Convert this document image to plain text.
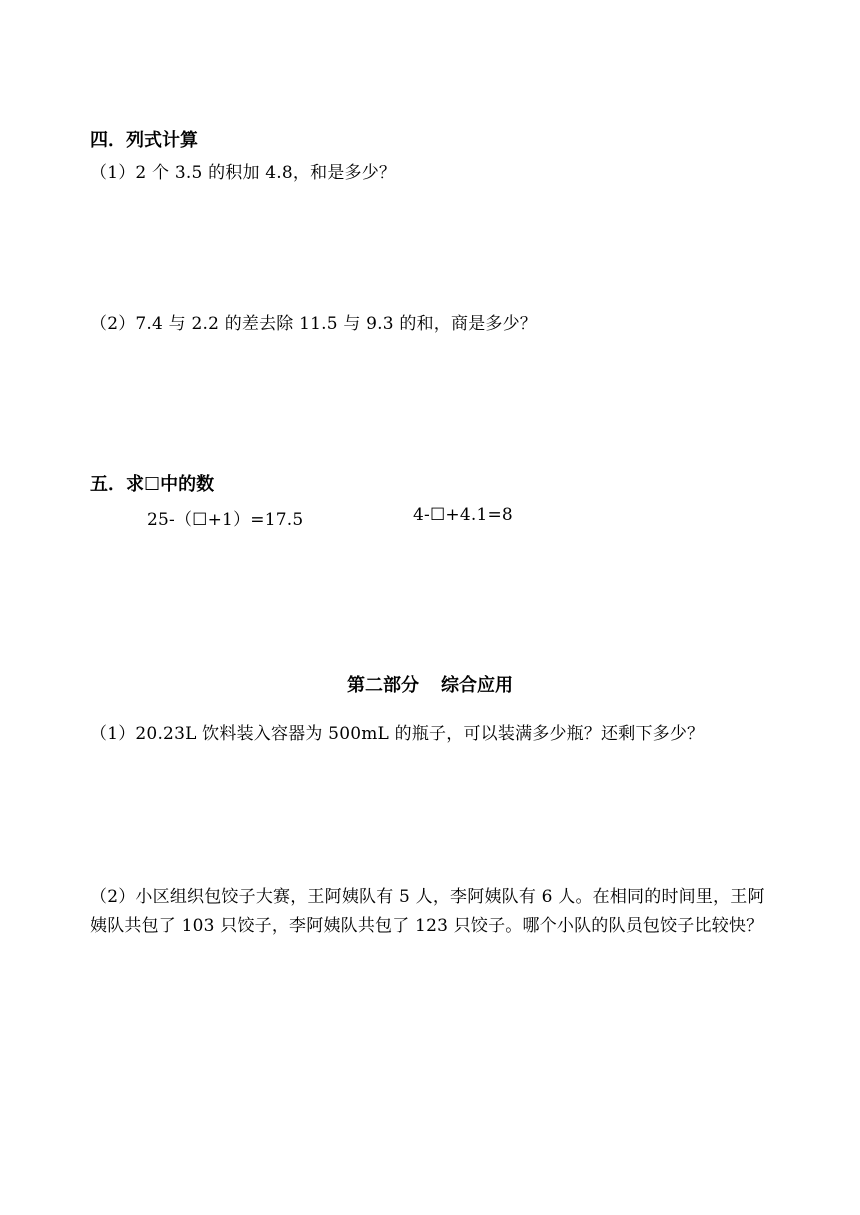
四．列式计算
（1）2 个 3.5 的积加 4.8，和是多少？
（2）7.4 与 2.2 的差去除 11.5 与 9.3 的和，商是多少？
五．求☐中的数
25-（☐+1）=17.5	4-☐+4.1=8
第二部分 综合应用
（1）20.23L 饮料装入容器为 500mL 的瓶子，可以装满多少瓶？还剩下多少？
（2）小区组织包饺子大赛，王阿姨队有 5 人，李阿姨队有 6 人。在相同的时间里，王阿姨队共包了 103 只饺子，李阿姨队共包了 123 只饺子。哪个小队的队员包饺子比较快？
